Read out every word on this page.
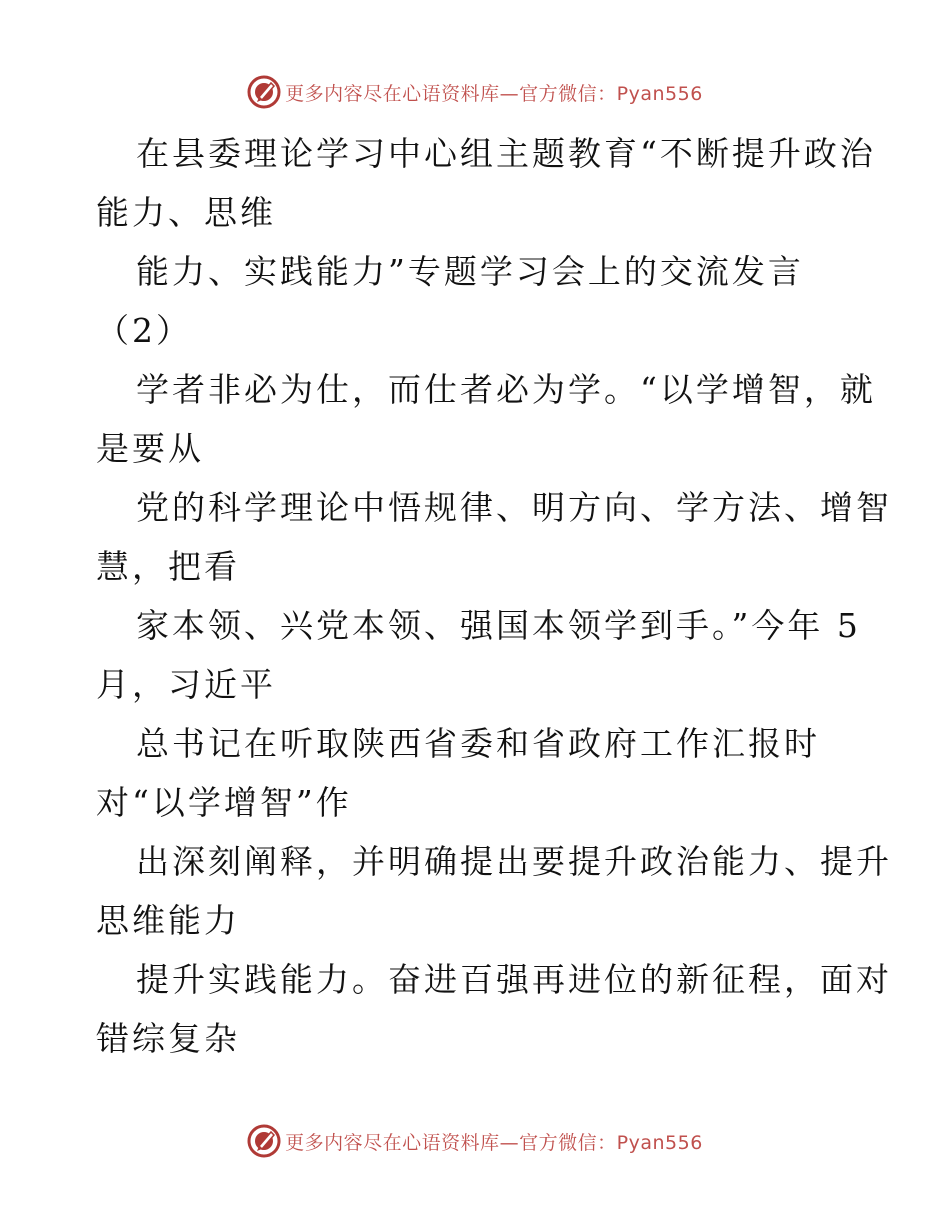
更多内容尽在心语资料库—官方微信：Pyan556
在县委理论学习中心组主题教育“不断提升政治
能力、思维
能力、实践能力”专题学习会上的交流发言
（2）
学者非必为仕，而仕者必为学。“以学增智，就
是要从
党的科学理论中悟规律、明方向、学方法、增智
慧，把看
家本领、兴党本领、强国本领学到手。”今年 5
月，习近平
总书记在听取陕西省委和省政府工作汇报时
对“以学增智”作
出深刻阐释，并明确提出要提升政治能力、提升
思维能力
提升实践能力。奋进百强再进位的新征程，面对
错综复杂
更多内容尽在心语资料库—官方微信：Pyan556
